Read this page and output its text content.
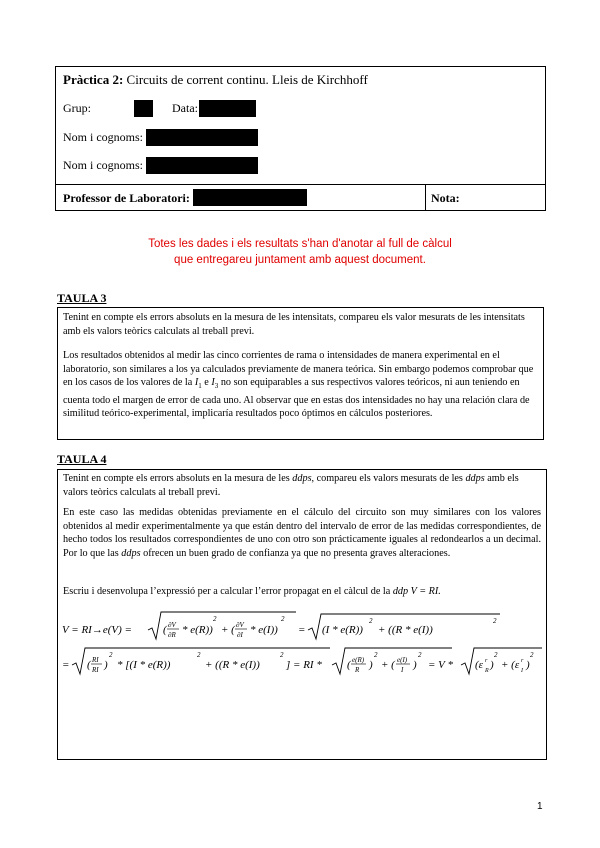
Pràctica 2: Circuits de corrent continu. Lleis de Kirchhoff
Grup:	Data:
Nom i cognoms:
Nom i cognoms:
Professor de Laboratori:	Nota:
Totes les dades i els resultats s'han d'anotar al full de càlcul
que entregareu juntament amb aquest document.
TAULA 3
Tenint en compte els errors absoluts en la mesura de les intensitats, compareu els valor mesurats de les intensitats amb els valors teòrics calculats al treball previ.
Los resultados obtenidos al medir las cinco corrientes de rama o intensidades de manera experimental en el laboratorio, son similares a los ya calculados previamente de manera teórica. Sin embargo podemos comprobar que en los casos de los valores de la $I_1$ e $I_3$ no son equiparables a sus respectivos valores teóricos, ni aun teniendo en cuenta todo el margen de error de cada uno. Al observar que en estas dos intensidades no hay una relación clara de similitud teórico-experimental, implicaría resultados poco óptimos en cálculos posteriores.
TAULA 4
Tenint en compte els errors absoluts en la mesura de les ddps, compareu els valors mesurats de les ddps amb els valors teòrics calculats al treball previ.
En este caso las medidas obtenidas previamente en el cálculo del circuito son muy similares con los valores obtenidos al medir experimentalmente ya que están dentro del intervalo de error de las medidas correspondientes, de hecho todos los resultados correspondientes de uno con otro son prácticamente iguales al redondearlos a un decimal. Por lo que las ddps ofrecen un buen grado de confianza ya que no presenta graves alteraciones.
Escriu i desenvolupa l’expressió per a calcular l’error propagat en el càlcul de la ddp V = RI.
V = RI→e(V) =	( ∂V
∂R * e(R))
2
+ ( ∂V
∂I * e(I))
2
= (I * e(R))
2
+ ((R * e(I))
2
= ( RI
RI )
2
* [(I * e(R))
2
+ ((R * e(I))
2
] = RI * ( e(R)
R )
2
+ ( e(I)
I )
2
= V * (ε R
r )
2
+ (ε I
r )
2
1
